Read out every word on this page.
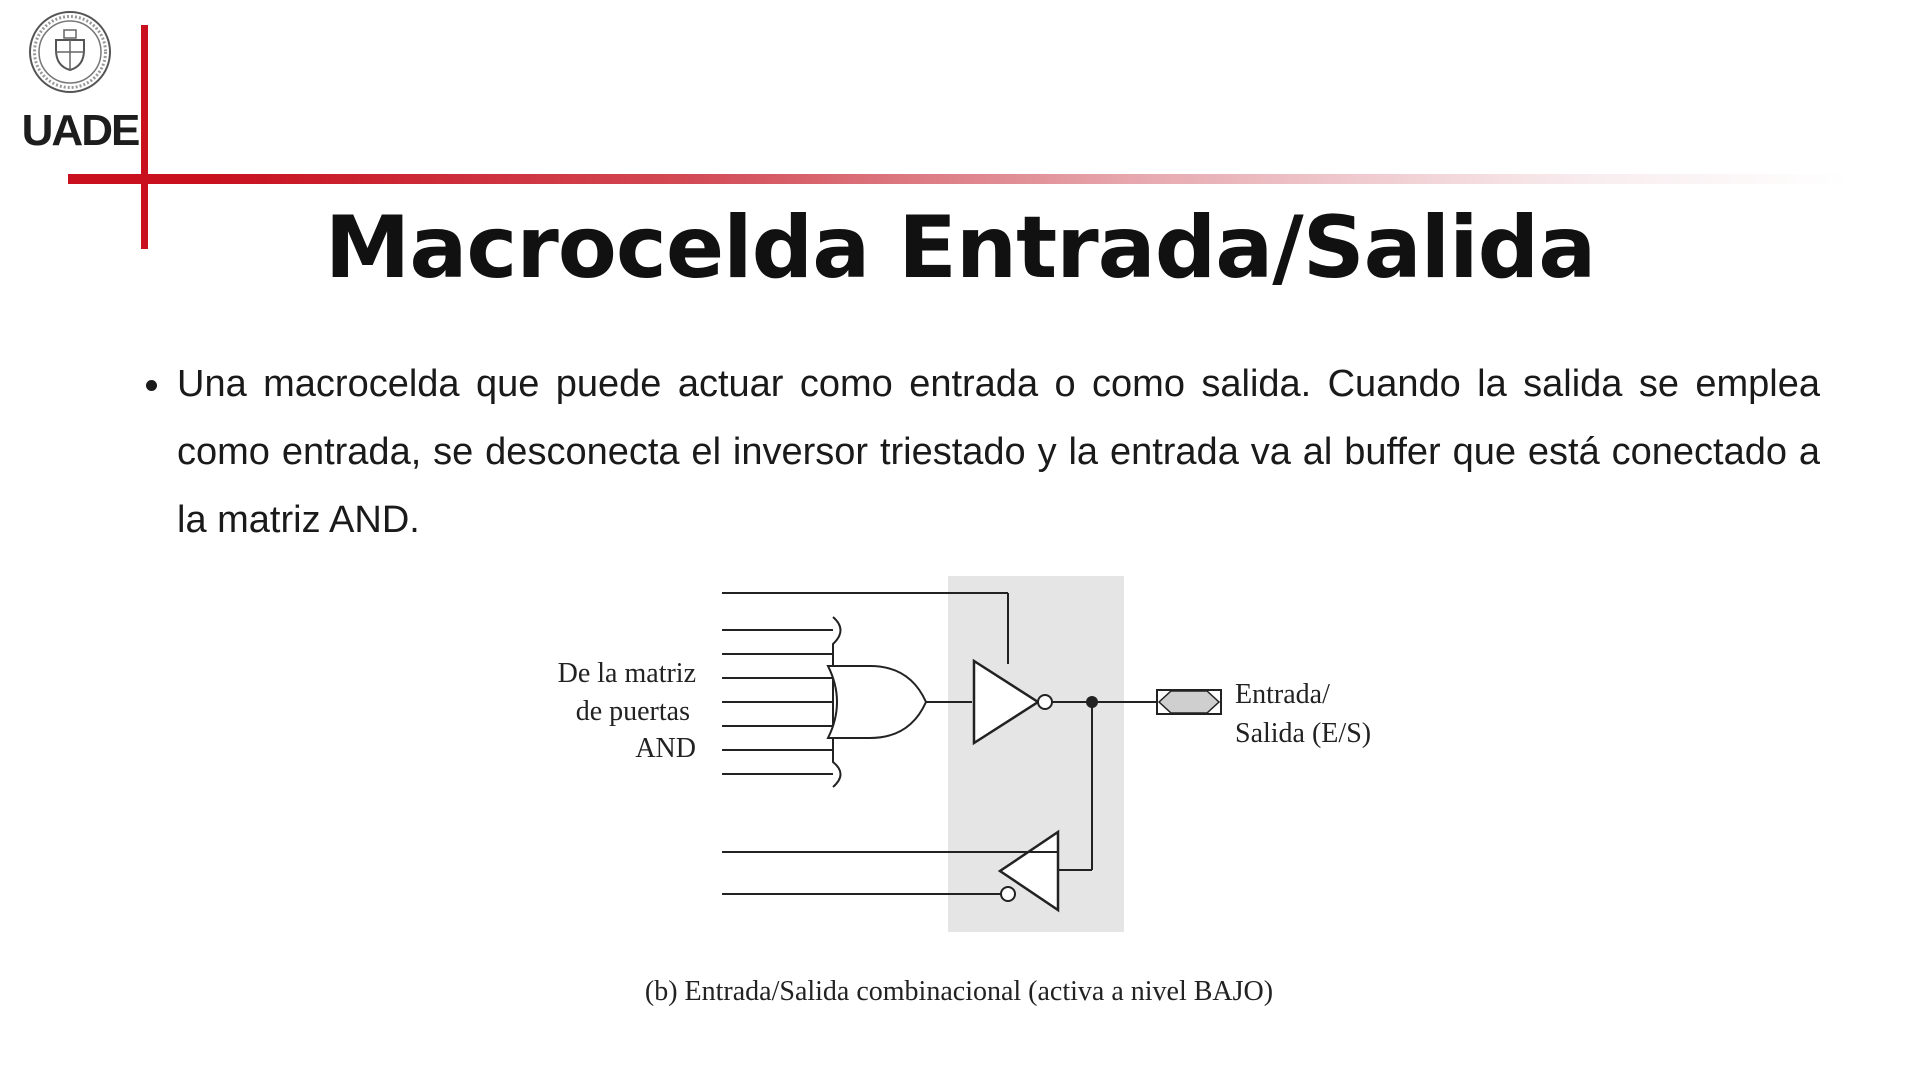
UADE
Macrocelda Entrada/Salida
Una macrocelda que puede actuar como entrada o como salida. Cuando la salida se emplea como entrada, se desconecta el inversor triestado y la entrada va al buffer que está conectado a la matriz AND.
De la matriz
de puertas
AND
Entrada/
Salida (E/S)
(b) Entrada/Salida combinacional (activa a nivel BAJO)
